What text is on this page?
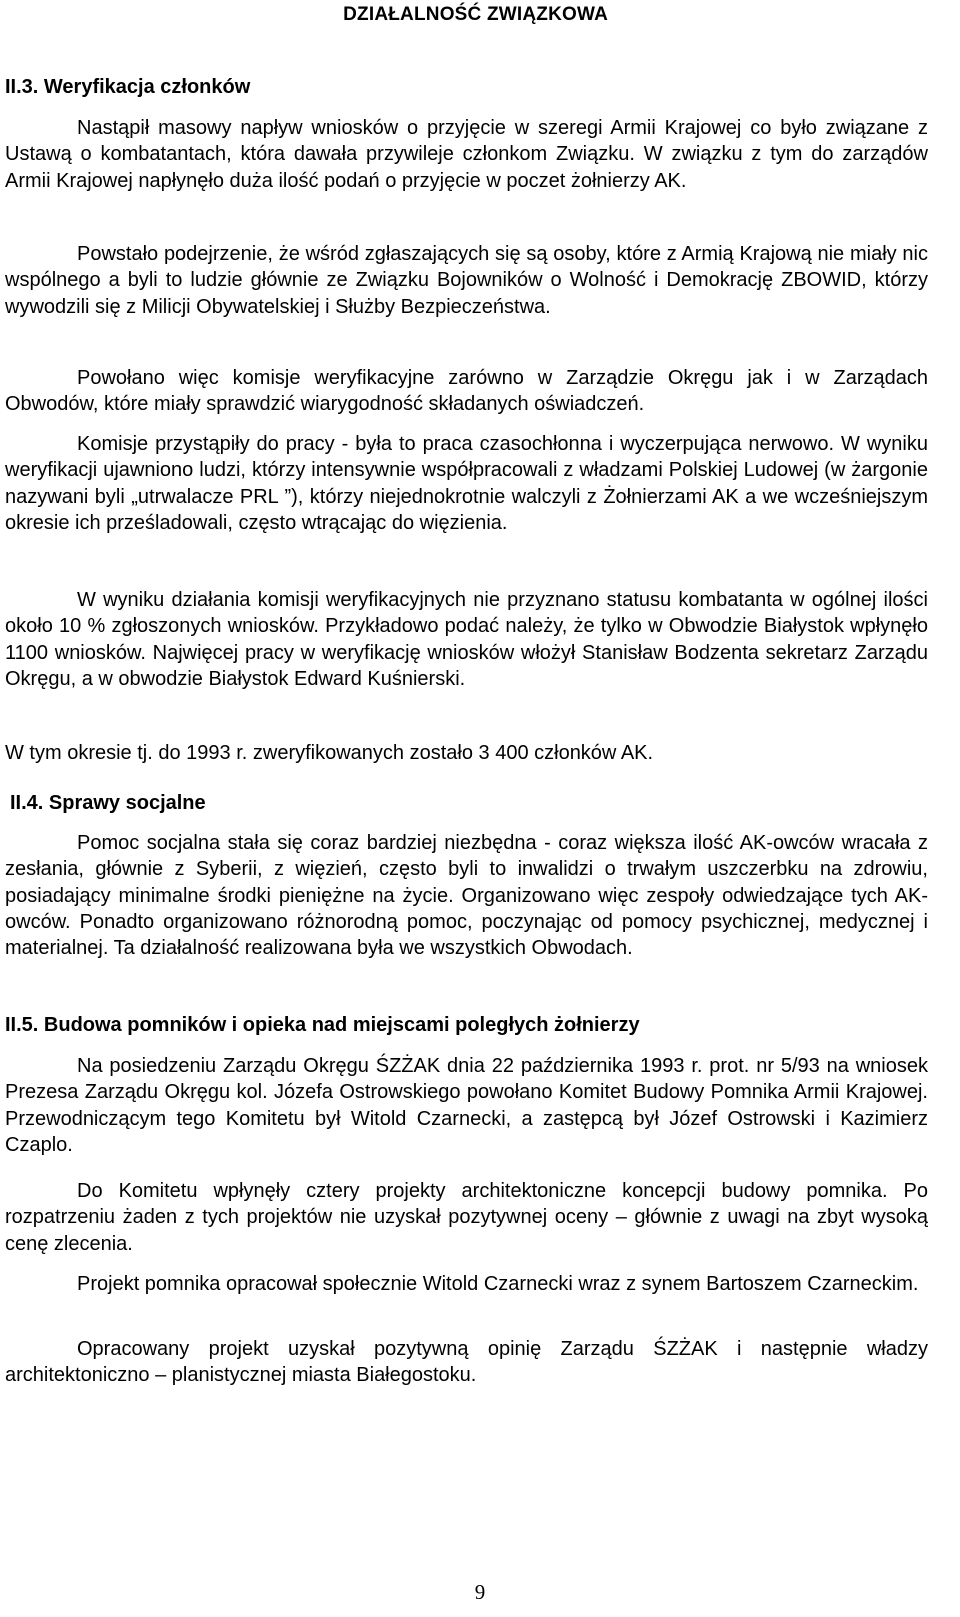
DZIAŁALNOŚĆ ZWIĄZKOWA
II.3. Weryfikacja członków

Nastąpił masowy napływ wniosków o przyjęcie w szeregi Armii Krajowej co było związane z Ustawą o kombatantach, która dawała przywileje członkom Związku. W związku z tym do zarządów Armii Krajowej napłynęło duża ilość podań o przyjęcie w poczet żołnierzy AK.

Powstało podejrzenie, że wśród zgłaszających się są osoby, które z Armią Krajową nie miały nic wspólnego a byli to ludzie głównie ze Związku Bojowników o Wolność i Demokrację ZBOWID, którzy wywodzili się z Milicji Obywatelskiej i Służby Bezpieczeństwa.

Powołano więc komisje weryfikacyjne zarówno w Zarządzie Okręgu jak i w Zarządach Obwodów, które miały sprawdzić wiarygodność składanych oświadczeń.

Komisje przystąpiły do pracy - była to praca czasochłonna i wyczerpująca nerwowo. W wyniku weryfikacji ujawniono ludzi, którzy intensywnie współpracowali z władzami Polskiej Ludowej (w żargonie nazywani byli „utrwalacze PRL ”), którzy niejednokrotnie walczyli z Żołnierzami AK a we wcześniejszym okresie ich prześladowali, często wtrącając do więzienia.

W wyniku działania komisji weryfikacyjnych nie przyznano statusu kombatanta w ogólnej ilości około 10 % zgłoszonych wniosków. Przykładowo podać należy, że tylko w Obwodzie Białystok wpłynęło 1100 wniosków. Najwięcej pracy w weryfikację wniosków włożył Stanisław Bodzenta sekretarz Zarządu Okręgu, a w obwodzie Białystok Edward Kuśnierski.

W tym okresie tj. do 1993 r. zweryfikowanych zostało 3 400 członków AK.

II.4. Sprawy socjalne

Pomoc socjalna stała się coraz bardziej niezbędna - coraz większa ilość AK-owców wracała z zesłania, głównie z Syberii, z więzień, często byli to inwalidzi o trwałym uszczerbku na zdrowiu, posiadający minimalne środki pieniężne na życie. Organizowano więc zespoły odwiedzające tych AK-owców. Ponadto organizowano różnorodną pomoc, poczynając od pomocy psychicznej, medycznej i materialnej. Ta działalność realizowana była we wszystkich Obwodach.

II.5. Budowa pomników i opieka nad miejscami poległych żołnierzy

Na posiedzeniu Zarządu Okręgu ŚZŻAK dnia 22 października 1993 r. prot. nr 5/93 na wniosek Prezesa Zarządu Okręgu kol. Józefa Ostrowskiego powołano Komitet Budowy Pomnika Armii Krajowej. Przewodniczącym tego Komitetu był Witold Czarnecki, a zastępcą był Józef Ostrowski i Kazimierz Czaplo.

Do Komitetu wpłynęły cztery projekty architektoniczne koncepcji budowy pomnika. Po rozpatrzeniu żaden z tych projektów nie uzyskał pozytywnej oceny – głównie z uwagi na zbyt wysoką cenę zlecenia.

Projekt pomnika opracował społecznie Witold Czarnecki wraz z synem Bartoszem Czarneckim.

Opracowany projekt uzyskał pozytywną opinię Zarządu ŚZŻAK i następnie władzy architektoniczno – planistycznej miasta Białegostoku.

9
